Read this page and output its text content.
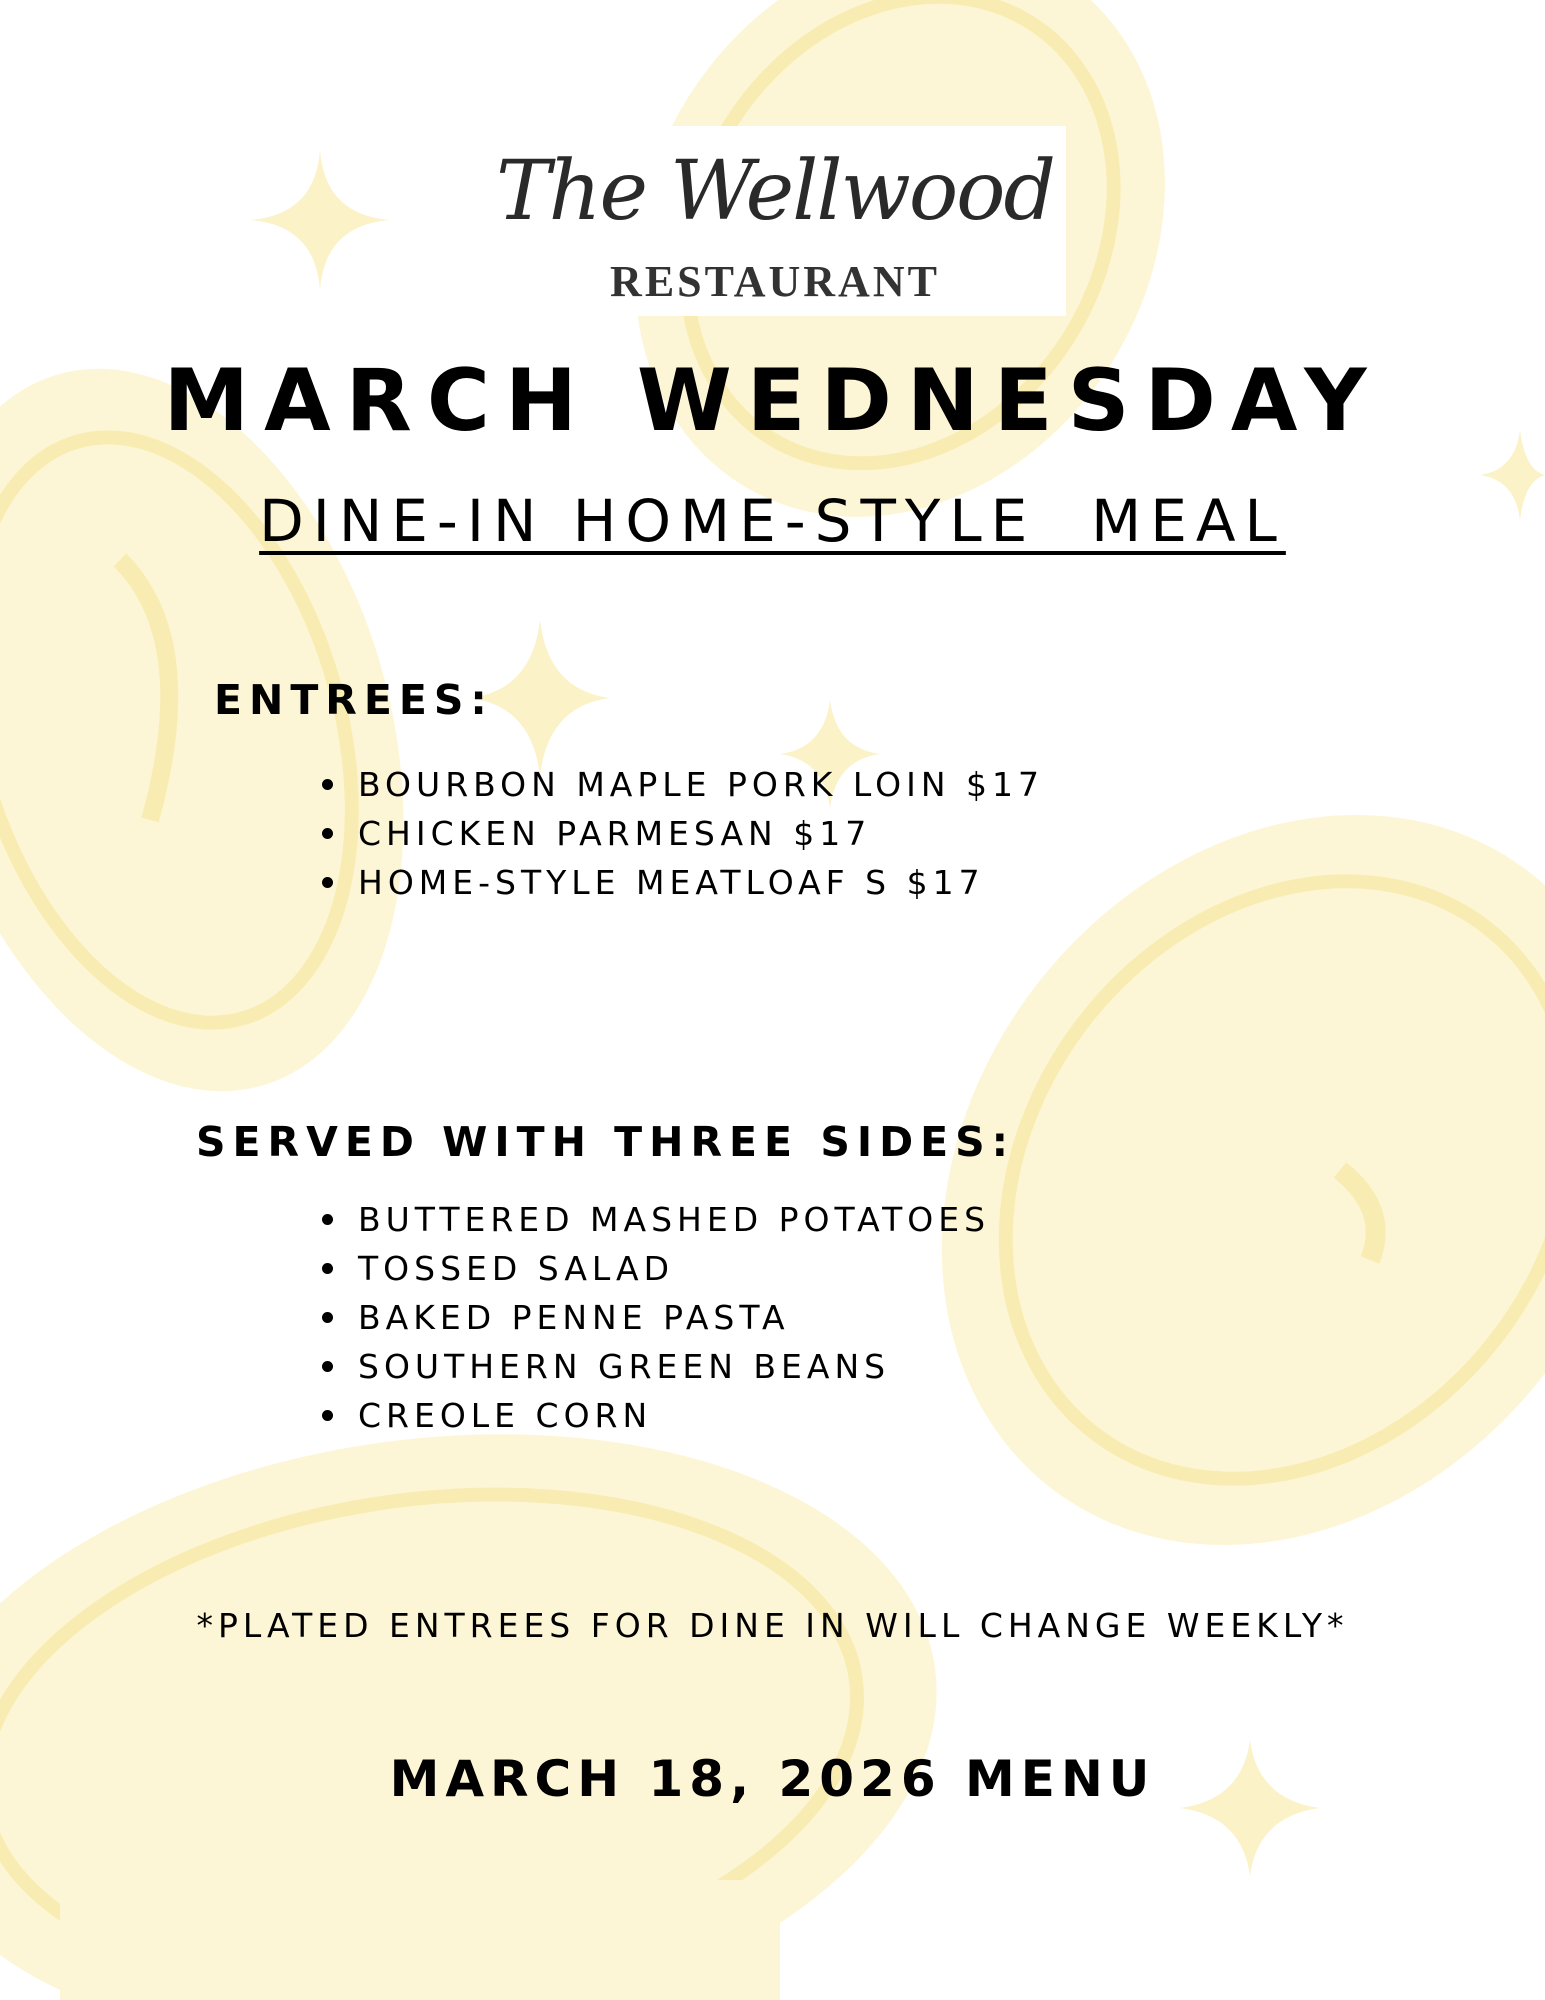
The Wellwood
RESTAURANT
MARCH WEDNESDAY
DINE-IN HOME-STYLE  MEAL
ENTREES:
BOURBON MAPLE PORK LOIN $17
CHICKEN PARMESAN $17
HOME-STYLE MEATLOAF S $17
SERVED WITH THREE SIDES:
BUTTERED MASHED POTATOES
TOSSED SALAD
BAKED PENNE PASTA
SOUTHERN GREEN BEANS
CREOLE CORN
*PLATED ENTREES FOR DINE IN WILL CHANGE WEEKLY*
MARCH 18, 2026 MENU
